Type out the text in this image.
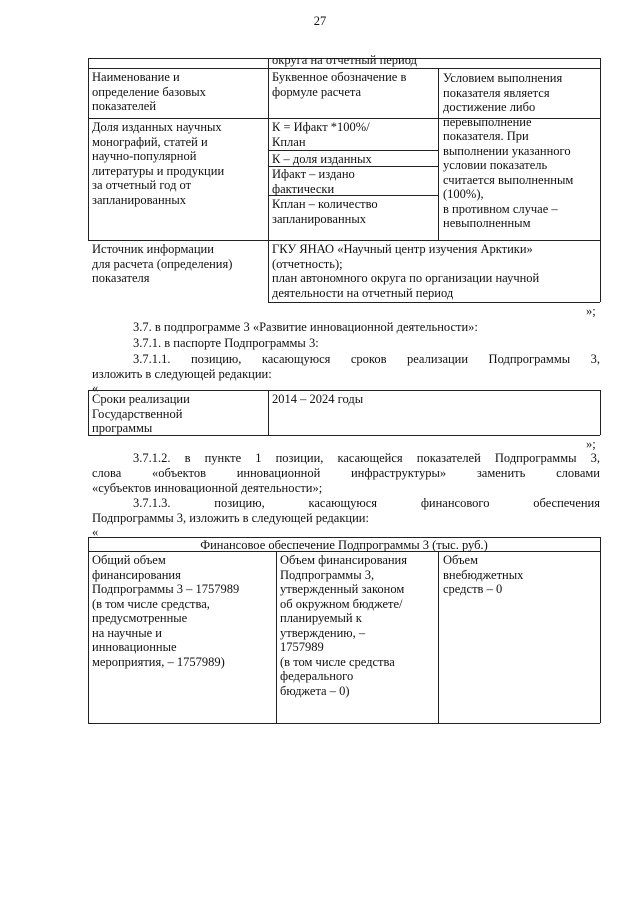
27
округа на отчетный период
Наименование и
определение базовых
показателей
Буквенное обозначение в
формуле расчета
Условием выполнения
показателя является
достижение либо
перевыполнение
показателя. При
выполнении указанного
условии показатель
считается выполненным
(100%),
в противном случае –
невыполненным
Доля изданных научных
монографий, статей и
научно-популярной
литературы и продукции
за отчетный год от
запланированных
К = Ифакт *100%/
Кплан
К – доля изданных
Ифакт – издано
фактически
Кплан – количество
запланированных
Источник информации
для расчета (определения)
показателя
ГКУ ЯНАО «Научный центр изучения Арктики»
(отчетность);
план автономного округа по организации научной
деятельности на отчетный период
»;
3.7. в подпрограмме 3 «Развитие инновационной деятельности»:
3.7.1. в паспорте Подпрограммы 3:
3.7.1.1. позицию, касающуюся сроков реализации Подпрограммы 3,
изложить в следующей редакции:
«
Сроки реализации
Государственной
программы
2014 – 2024 годы
»;
3.7.1.2. в пункте 1 позиции, касающейся показателей Подпрограммы 3,
слова «объектов инновационной инфраструктуры» заменить словами
«субъектов инновационной деятельности»;
3.7.1.3. позицию, касающуюся финансового обеспечения
Подпрограммы 3, изложить в следующей редакции:
«
Финансовое обеспечение Подпрограммы 3 (тыс. руб.)
Общий объем
финансирования
Подпрограммы 3 – 1757989
(в том числе средства,
предусмотренные
на научные и
инновационные
мероприятия, – 1757989)
Объем финансирования
Подпрограммы 3,
утвержденный законом
об окружном бюджете/
планируемый к
утверждению, –
1757989
(в том числе средства
федерального
бюджета – 0)
Объем
внебюджетных
средств – 0
